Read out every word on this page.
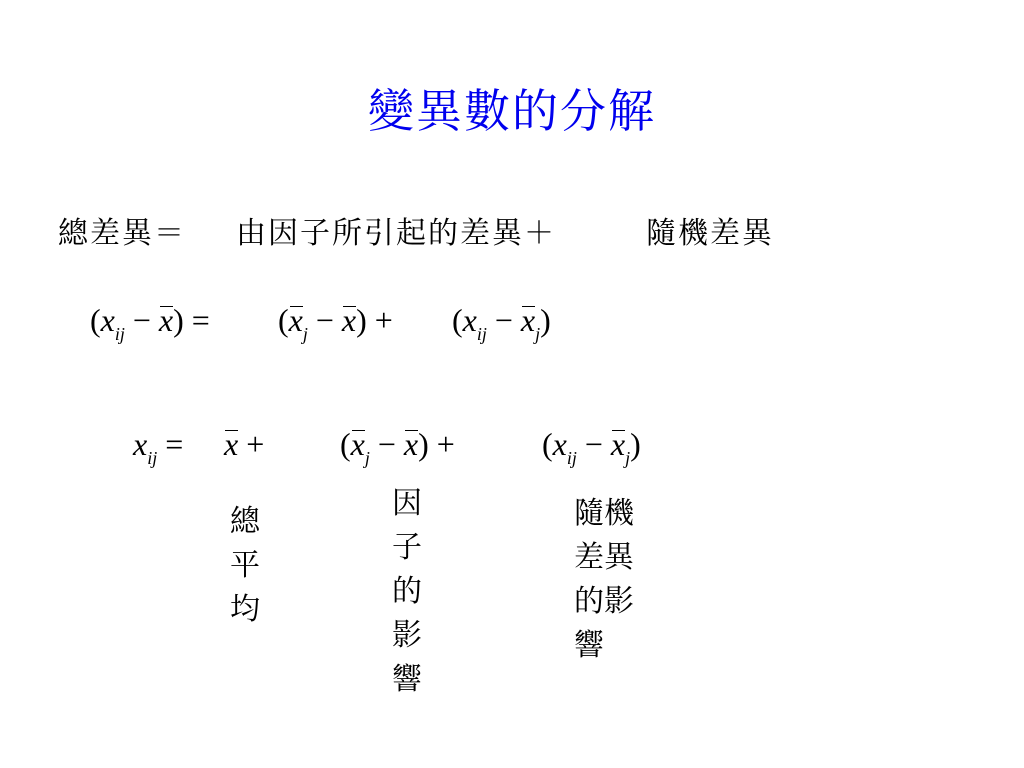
變異數的分解
總差異＝ 由因子所引起的差異＋	隨機差異
$(x_{ij} - x) = (x_j - x) + (x_{ij} - x_j)$
$x_{ij} = x + (x_j - x)$ +	$(x_{ij} - x_j)$
總
平
均
因
子
的
影
響
隨機
差異
的影
響
